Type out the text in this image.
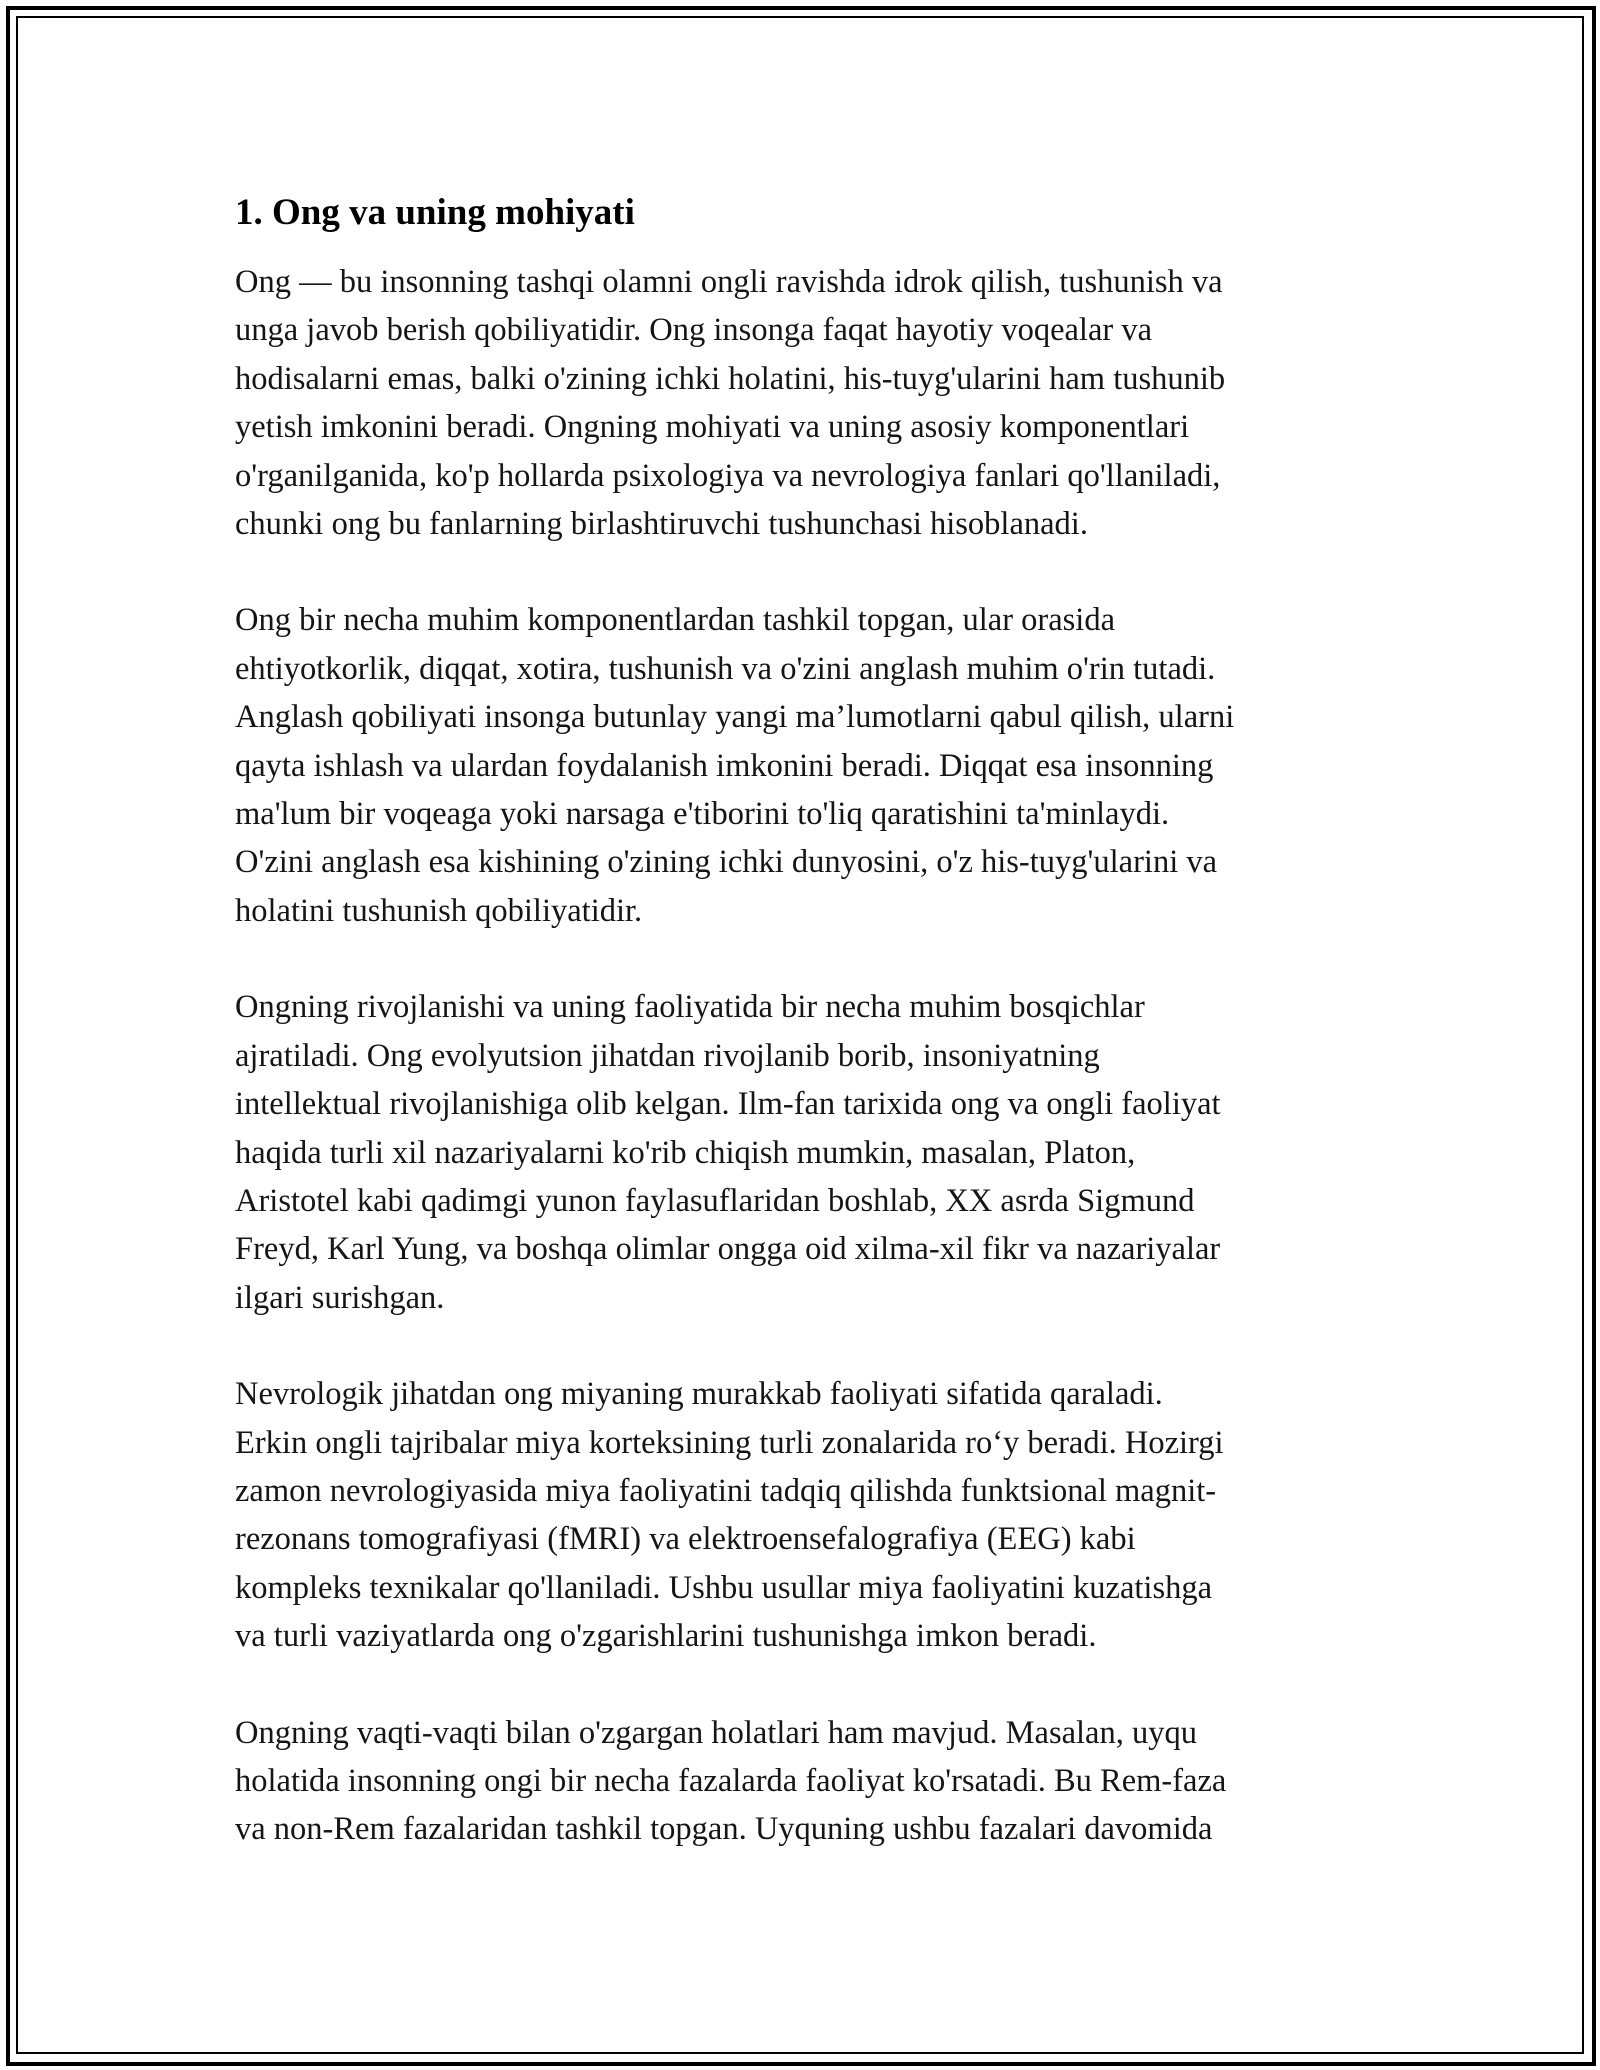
1. Ong va uning mohiyati

Ong — bu insonning tashqi olamni ongli ravishda idrok qilish, tushunish va
unga javob berish qobiliyatidir. Ong insonga faqat hayotiy voqealar va
hodisalarni emas, balki o'zining ichki holatini, his-tuyg'ularini ham tushunib
yetish imkonini beradi. Ongning mohiyati va uning asosiy komponentlari
o'rganilganida, ko'p hollarda psixologiya va nevrologiya fanlari qo'llaniladi,
chunki ong bu fanlarning birlashtiruvchi tushunchasi hisoblanadi.

Ong bir necha muhim komponentlardan tashkil topgan, ular orasida
ehtiyotkorlik, diqqat, xotira, tushunish va o'zini anglash muhim o'rin tutadi.
Anglash qobiliyati insonga butunlay yangi ma’lumotlarni qabul qilish, ularni
qayta ishlash va ulardan foydalanish imkonini beradi. Diqqat esa insonning
ma'lum bir voqeaga yoki narsaga e'tiborini to'liq qaratishini ta'minlaydi.
O'zini anglash esa kishining o'zining ichki dunyosini, o'z his-tuyg'ularini va
holatini tushunish qobiliyatidir.

Ongning rivojlanishi va uning faoliyatida bir necha muhim bosqichlar
ajratiladi. Ong evolyutsion jihatdan rivojlanib borib, insoniyatning
intellektual rivojlanishiga olib kelgan. Ilm-fan tarixida ong va ongli faoliyat
haqida turli xil nazariyalarni ko'rib chiqish mumkin, masalan, Platon,
Aristotel kabi qadimgi yunon faylasuflaridan boshlab, XX asrda Sigmund
Freyd, Karl Yung, va boshqa olimlar ongga oid xilma-xil fikr va nazariyalar
ilgari surishgan.

Nevrologik jihatdan ong miyaning murakkab faoliyati sifatida qaraladi.
Erkin ongli tajribalar miya korteksining turli zonalarida ro‘y beradi. Hozirgi
zamon nevrologiyasida miya faoliyatini tadqiq qilishda funktsional magnit-
rezonans tomografiyasi (fMRI) va elektroensefalografiya (EEG) kabi
kompleks texnikalar qo'llaniladi. Ushbu usullar miya faoliyatini kuzatishga
va turli vaziyatlarda ong o'zgarishlarini tushunishga imkon beradi.

Ongning vaqti-vaqti bilan o'zgargan holatlari ham mavjud. Masalan, uyqu
holatida insonning ongi bir necha fazalarda faoliyat ko'rsatadi. Bu Rem-faza
va non-Rem fazalaridan tashkil topgan. Uyquning ushbu fazalari davomida
